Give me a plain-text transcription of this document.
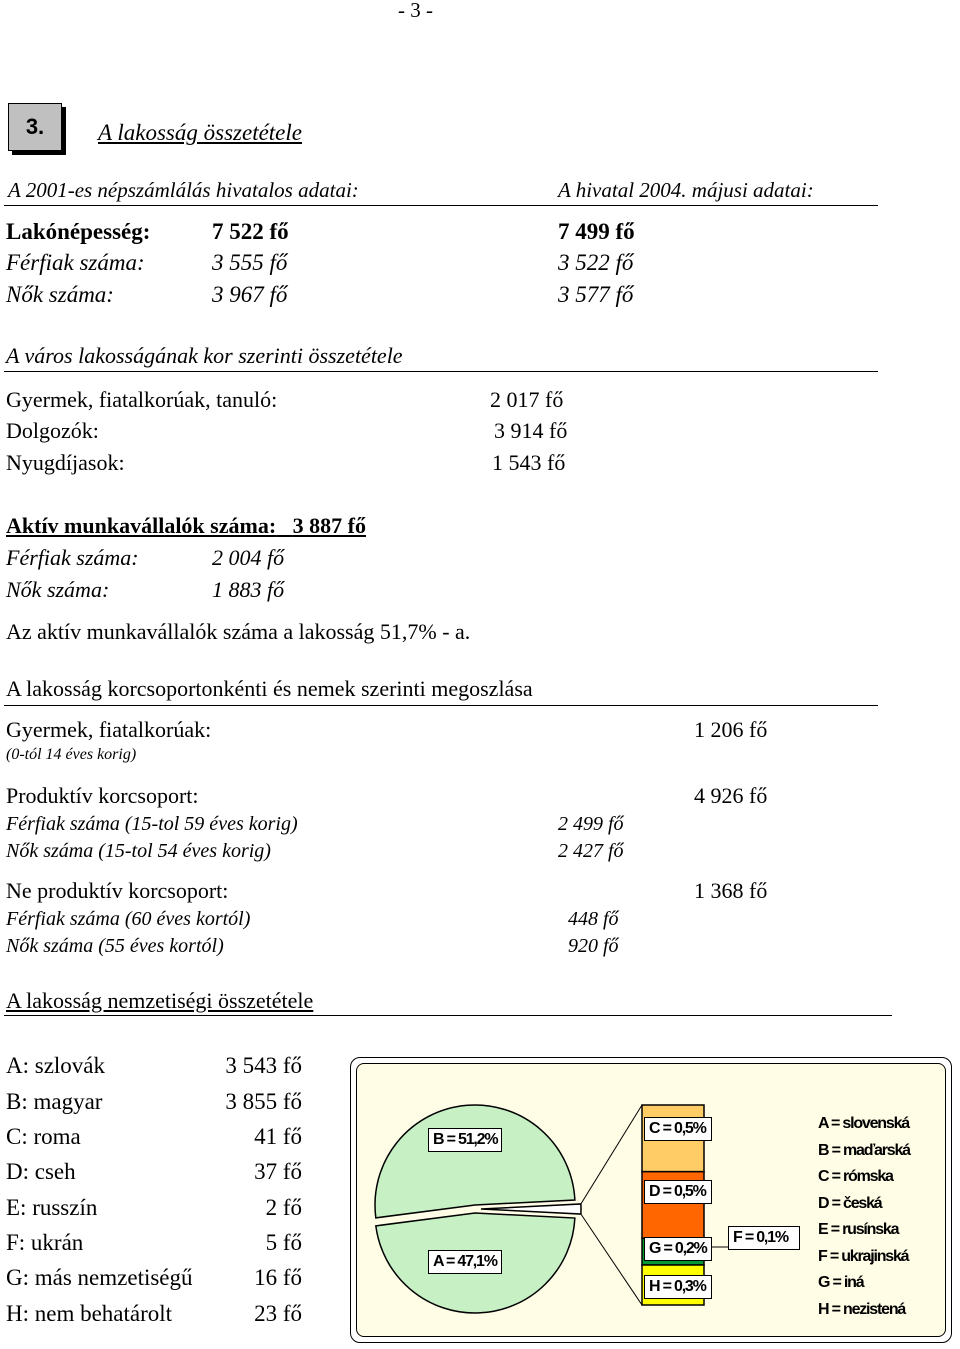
- 3 -
3. A lakosság összetétele
A 2001-es népszámlálás hivatalos adatai:	A hivatal 2004. májusi adatai:
Lakónépesség:	7 522 fő	7 499 fő
Férfiak száma:	3 555 fő	3 522 fő
Nők száma:	3 967 fő	3 577 fő
A város lakosságának kor szerinti összetétele
Gyermek, fiatalkorúak, tanuló:	2 017 fő
Dolgozók:	3 914 fő
Nyugdíjasok:	1 543 fő
Aktív munkavállalók száma: 3 887 fő
Férfiak száma:	2 004 fő
Nők száma:	1 883 fő
Az aktív munkavállalók száma a lakosság 51,7% - a.
A lakosság korcsoportonkénti és nemek szerinti megoszlása
Gyermek, fiatalkorúak:	1 206 fő
(0-tól 14 éves korig)
Produktív korcsoport:	4 926 fő
Férfiak száma (15-tol 59 éves korig)	2 499 fő
Nők száma (15-tol 54 éves korig)	2 427 fő
Ne produktív korcsoport:	1 368 fő
Férfiak száma (60 éves kortól)	448 fő
Nők száma (55 éves kortól)	920 fő
A lakosság nemzetiségi összetétele
A: szlovák	3 543 fő
B: magyar	3 855 fő
C: roma	41 fő
D: cseh	37 fő
E: russzín	2 fő
F: ukrán	5 fő
G: más nemzetiségű	16 fő
H: nem behatárolt	23 fő
B = 51,2%
A = 47,1%
C = 0,5%
D = 0,5%
G = 0,2%
H = 0,3%
F = 0,1%
A = slovenská
B = maďarská
C = rómska
D = česká
E = rusínska
F = ukrajinská
G = iná
H = nezistená
